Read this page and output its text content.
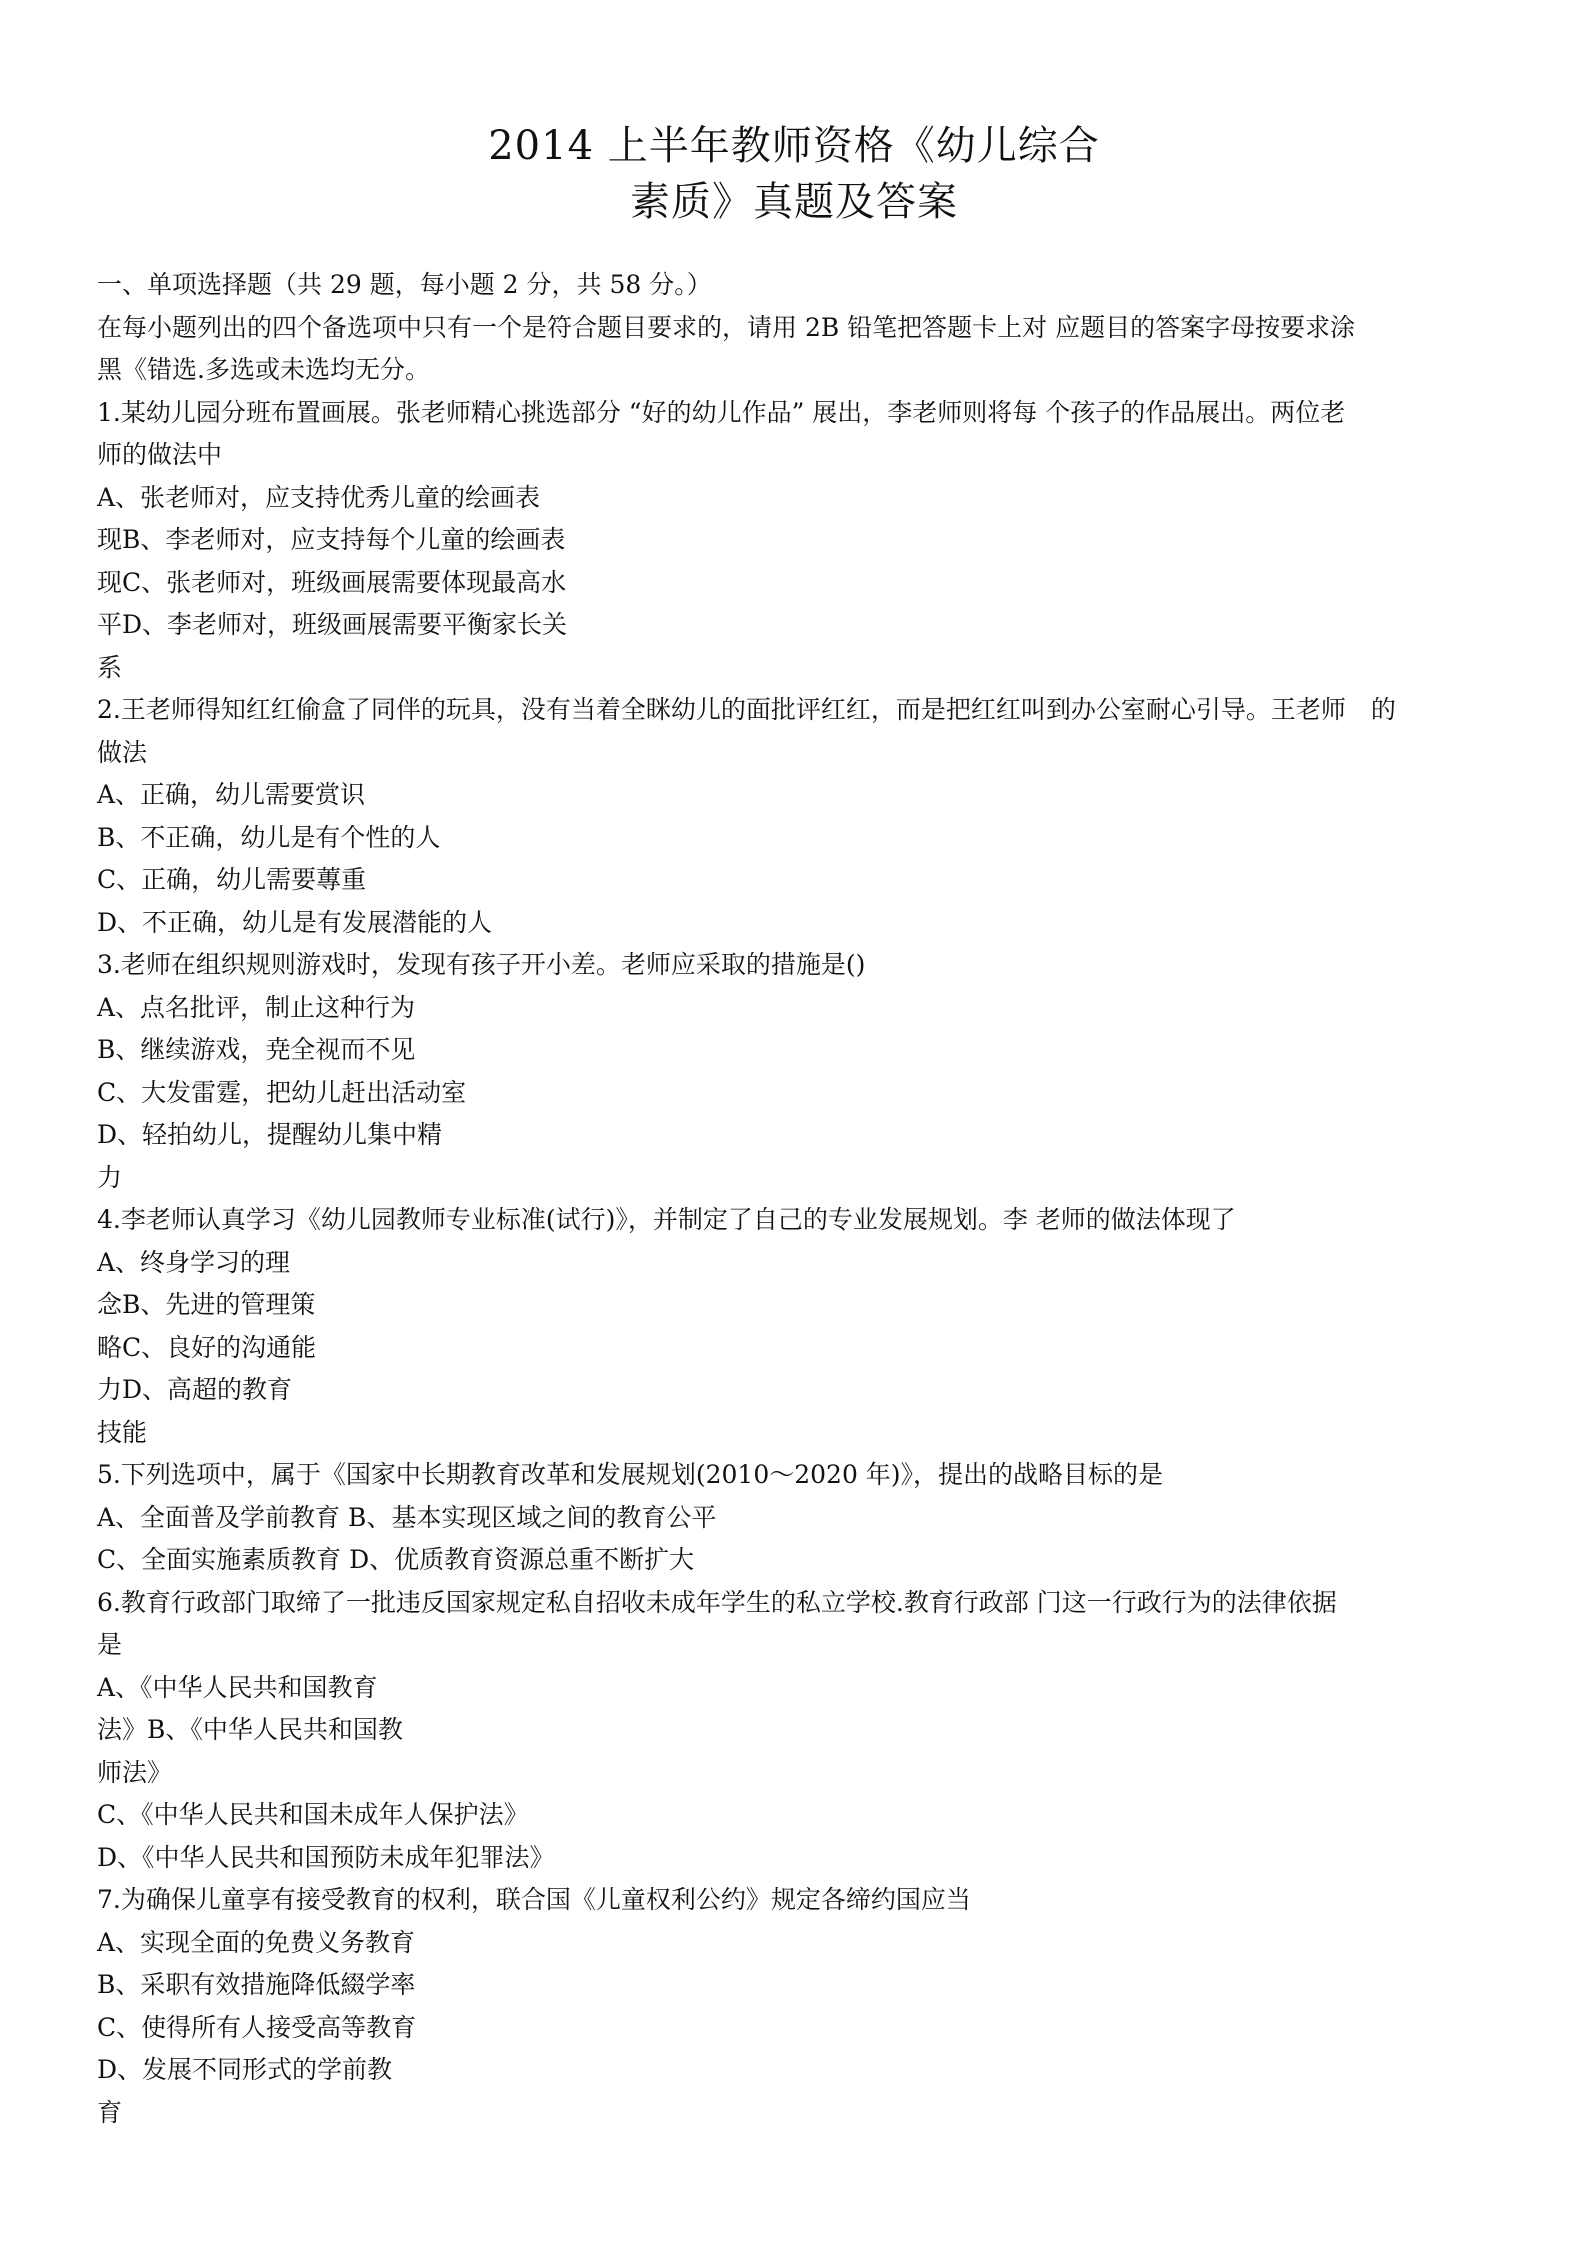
2014 上半年教师资格《幼儿综合
素质》真题及答案
一、单项选择题（共 29 题，每小题 2 分，共 58 分。）
在每小题列出的四个备选项中只有一个是符合题目要求的，请用 2B 铅笔把答题卡上对 应题目的答案字母按要求涂
黑《错选.多选或未选均无分。
1.某幼儿园分班布置画展。张老师精心挑选部分 “好的幼儿作品” 展出，李老师则将每 个孩子的作品展出。两位老
师的做法中
A、张老师对，应支持优秀儿童的绘画表
现B、李老师对，应支持每个儿童的绘画表
现C、张老师对，班级画展需要体现最高水
平D、李老师对，班级画展需要平衡家长关
系
2.王老师得知红红偷盒了同伴的玩具，没有当着全眯幼儿的面批评红红，而是把红红叫到办公室耐心引导。王老师　的
做法
A、正确，幼儿需要赏识
B、不正确，幼儿是有个性的人
C、正确，幼儿需要蓴重
D、不正确，幼儿是有发展潜能的人
3.老师在组织规则游戏时，发现有孩子开小差。老师应采取的措施是()
A、点名批评，制止这种行为
B、继续游戏，尭全视而不见
C、大发雷霆，把幼儿赶出活动室
D、轻拍幼儿，提醒幼儿集中精
力
4.李老师认真学习《幼儿园教师专业标准(试行)》，并制定了自己的专业发展规划。李 老师的做法体现了
A、终身学习的理
念B、先进的管理策
略C、良好的沟通能
力D、高超的教育
技能
5.下列选项中，属于《国家中长期教育改革和发展规划(2010～2020 年)》，提出的战略目标的是
A、全面普及学前教育 B、基本实现区域之间的教育公平
C、全面实施素质教育 D、优质教育资源总重不断扩大
6.教育行政部门取缔了一批违反国家规定私自招收未成年学生的私立学校.教育行政部 门这一行政行为的法律依据
是
A、《中华人民共和国教育
法》B、《中华人民共和国教
师法》
C、《中华人民共和国未成年人保护法》
D、《中华人民共和国预防未成年犯罪法》
7.为确保儿童享有接受教育的权利，联合国《儿童权利公约》规定各缔约国应当
A、实现全面的免费义务教育
B、采职有效措施降低綴学率
C、使得所有人接受高等教育
D、发展不同形式的学前教
育
